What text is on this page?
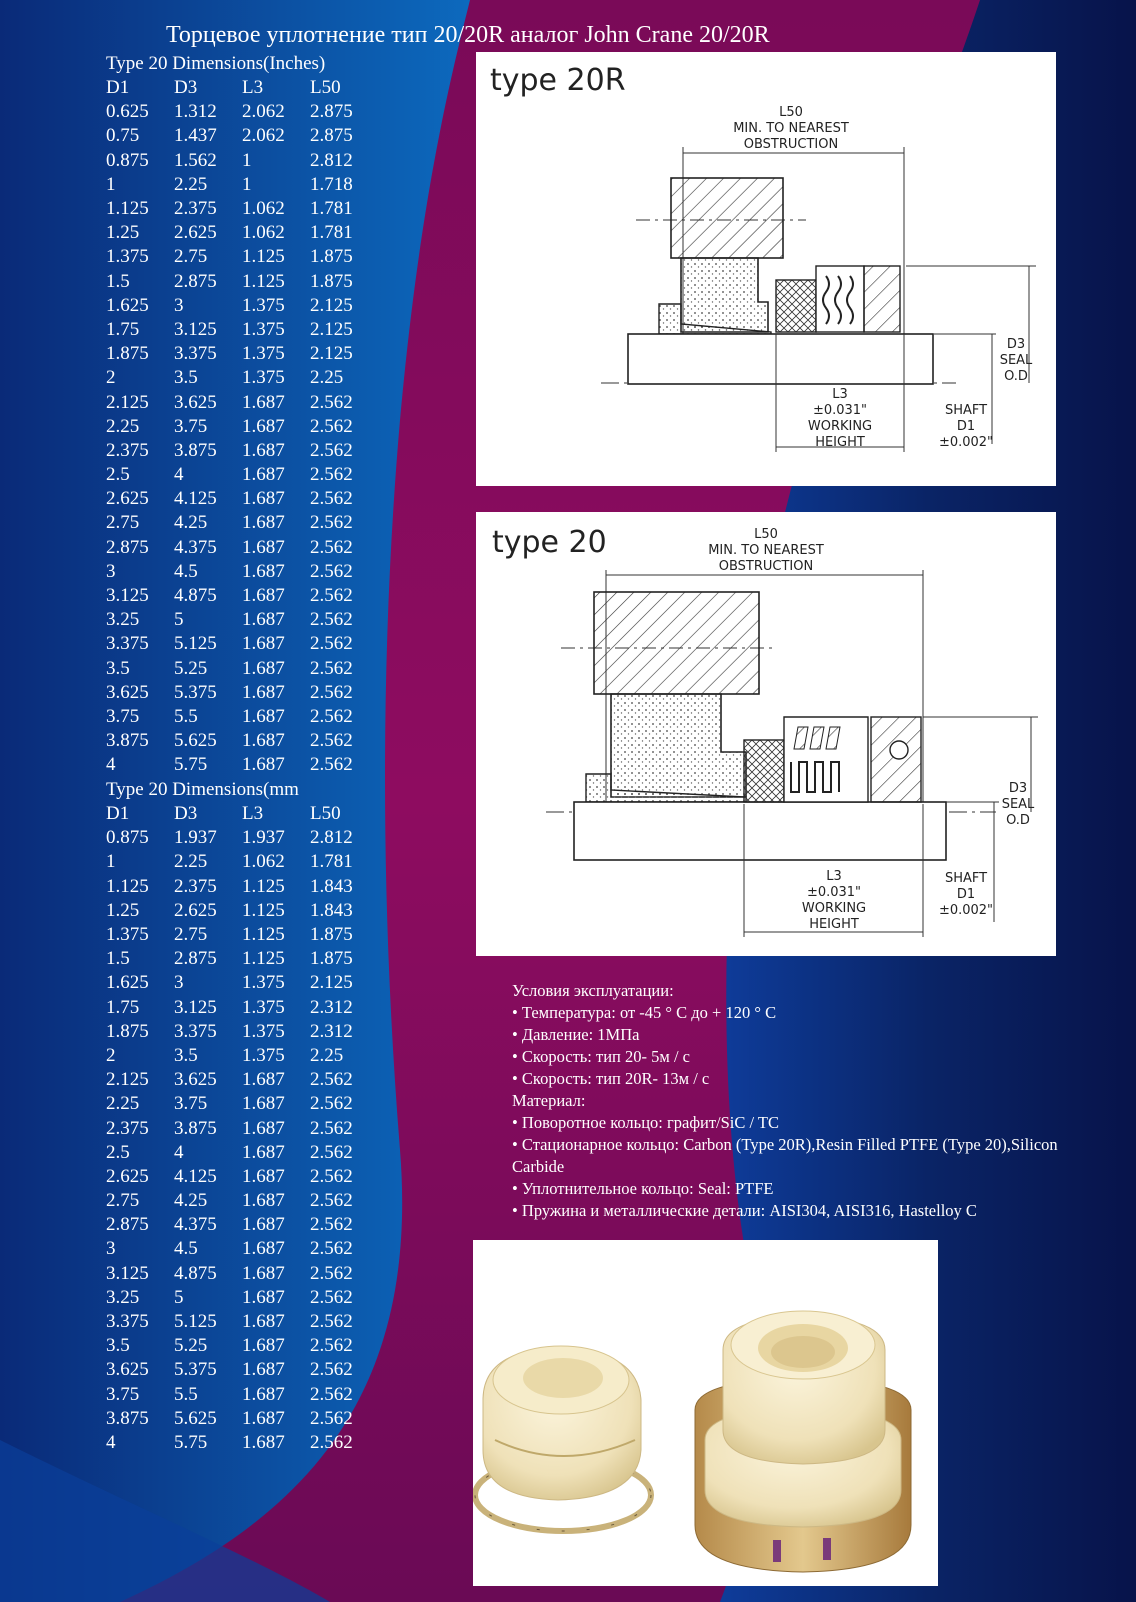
Торцевое уплотнение тип 20/20R аналог John Crane 20/20R
Type 20 Dimensions(Inches)
D1	D3	L3	L50
0.625	1.312	2.062	2.875
0.75	1.437	2.062	2.875
0.875	1.562	1	2.812
1	2.25	1	1.718
1.125	2.375	1.062	1.781
1.25	2.625	1.062	1.781
1.375	2.75	1.125	1.875
1.5	2.875	1.125	1.875
1.625	3	1.375	2.125
1.75	3.125	1.375	2.125
1.875	3.375	1.375	2.125
2	3.5	1.375	2.25
2.125	3.625	1.687	2.562
2.25	3.75	1.687	2.562
2.375	3.875	1.687	2.562
2.5	4	1.687	2.562
2.625	4.125	1.687	2.562
2.75	4.25	1.687	2.562
2.875	4.375	1.687	2.562
3	4.5	1.687	2.562
3.125	4.875	1.687	2.562
3.25	5	1.687	2.562
3.375	5.125	1.687	2.562
3.5	5.25	1.687	2.562
3.625	5.375	1.687	2.562
3.75	5.5	1.687	2.562
3.875	5.625	1.687	2.562
4	5.75	1.687	2.562
Type 20 Dimensions(mm
D1	D3	L3	L50
0.875	1.937	1.937	2.812
1	2.25	1.062	1.781
1.125	2.375	1.125	1.843
1.25	2.625	1.125	1.843
1.375	2.75	1.125	1.875
1.5	2.875	1.125	1.875
1.625	3	1.375	2.125
1.75	3.125	1.375	2.312
1.875	3.375	1.375	2.312
2	3.5	1.375	2.25
2.125	3.625	1.687	2.562
2.25	3.75	1.687	2.562
2.375	3.875	1.687	2.562
2.5	4	1.687	2.562
2.625	4.125	1.687	2.562
2.75	4.25	1.687	2.562
2.875	4.375	1.687	2.562
3	4.5	1.687	2.562
3.125	4.875	1.687	2.562
3.25	5	1.687	2.562
3.375	5.125	1.687	2.562
3.5	5.25	1.687	2.562
3.625	5.375	1.687	2.562
3.75	5.5	1.687	2.562
3.875	5.625	1.687	2.562
4	5.75	1.687	2.562
type 20R
L50
MIN. TO NEAREST
OBSTRUCTION
L3
±0.031"
WORKING
HEIGHT
D3
SEAL
O.D
SHAFT
D1
±0.002"
type 20	L50
MIN. TO NEAREST
OBSTRUCTION
L3
±0.031"
WORKING
HEIGHT
D3
SEAL
O.D
SHAFT
D1
±0.002"

Условия эксплуатации:

• Температура: от -45 ° C до + 120 ° C

• Давление: 1МПа

• Скорость: тип 20- 5м / с

• Скорость: тип 20R- 13м / с

Материал:

• Поворотное кольцо: графит/SiC / TC

• Стационарное кольцо: Carbon (Type 20R),Resin Filled PTFE (Type 20),Silicon Carbide

• Уплотнительное кольцо: Seal: PTFE

• Пружина и металлические детали: AISI304, AISI316, Hastelloy C
